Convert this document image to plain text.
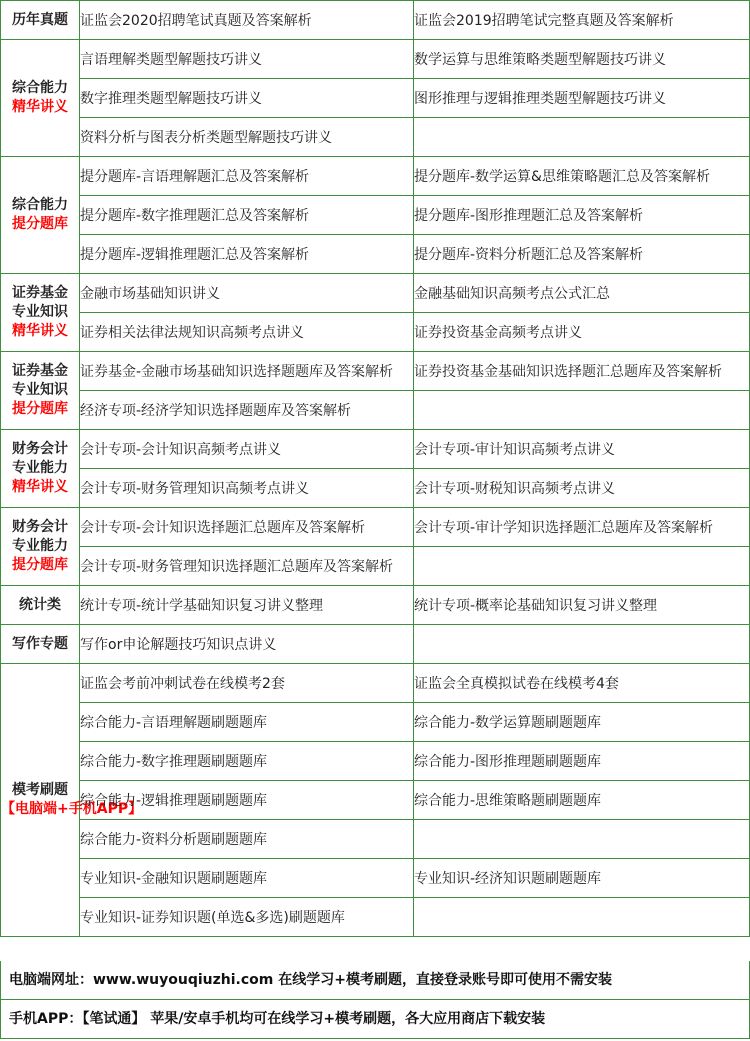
历年真题	证监会2020招聘笔试真题及答案解析	证监会2019招聘笔试完整真题及答案解析

综合能力
精华讲义	言语理解类题型解题技巧讲义	数学运算与思维策略类题型解题技巧讲义
	数字推理类题型解题技巧讲义	图形推理与逻辑推理类题型解题技巧讲义
	资料分析与图表分析类题型解题技巧讲义	

综合能力
提分题库	提分题库-言语理解题汇总及答案解析	提分题库-数学运算&思维策略题汇总及答案解析
	提分题库-数字推理题汇总及答案解析	提分题库-图形推理题汇总及答案解析
	提分题库-逻辑推理题汇总及答案解析	提分题库-资料分析题汇总及答案解析

证券基金
专业知识
精华讲义	金融市场基础知识讲义	金融基础知识高频考点公式汇总
	证券相关法律法规知识高频考点讲义	证券投资基金高频考点讲义

证券基金
专业知识
提分题库	证券基金-金融市场基础知识选择题题库及答案解析	证券投资基金基础知识选择题汇总题库及答案解析
	经济专项-经济学知识选择题题库及答案解析	

财务会计
专业能力
精华讲义	会计专项-会计知识高频考点讲义	会计专项-审计知识高频考点讲义
	会计专项-财务管理知识高频考点讲义	会计专项-财税知识高频考点讲义

财务会计
专业能力
提分题库	会计专项-会计知识选择题汇总题库及答案解析	会计专项-审计学知识选择题汇总题库及答案解析
	会计专项-财务管理知识选择题汇总题库及答案解析	

统计类	统计专项-统计学基础知识复习讲义整理	统计专项-概率论基础知识复习讲义整理

写作专题	写作or申论解题技巧知识点讲义	

模考刷题
【电脑端+手机APP】	证监会考前冲刺试卷在线模考2套	证监会全真模拟试卷在线模考4套
	综合能力-言语理解题刷题题库	综合能力-数学运算题刷题题库
	综合能力-数字推理题刷题题库	综合能力-图形推理题刷题题库
	综合能力-逻辑推理题刷题题库	综合能力-思维策略题刷题题库
	综合能力-资料分析题刷题题库	
	专业知识-金融知识题刷题题库	专业知识-经济知识题刷题题库
	专业知识-证券知识题(单选&多选)刷题题库	
电脑端网址：www.wuyouqiuzhi.com 在线学习+模考刷题，直接登录账号即可使用不需安装
手机APP：【笔试通】 苹果/安卓手机均可在线学习+模考刷题，各大应用商店下载安装
